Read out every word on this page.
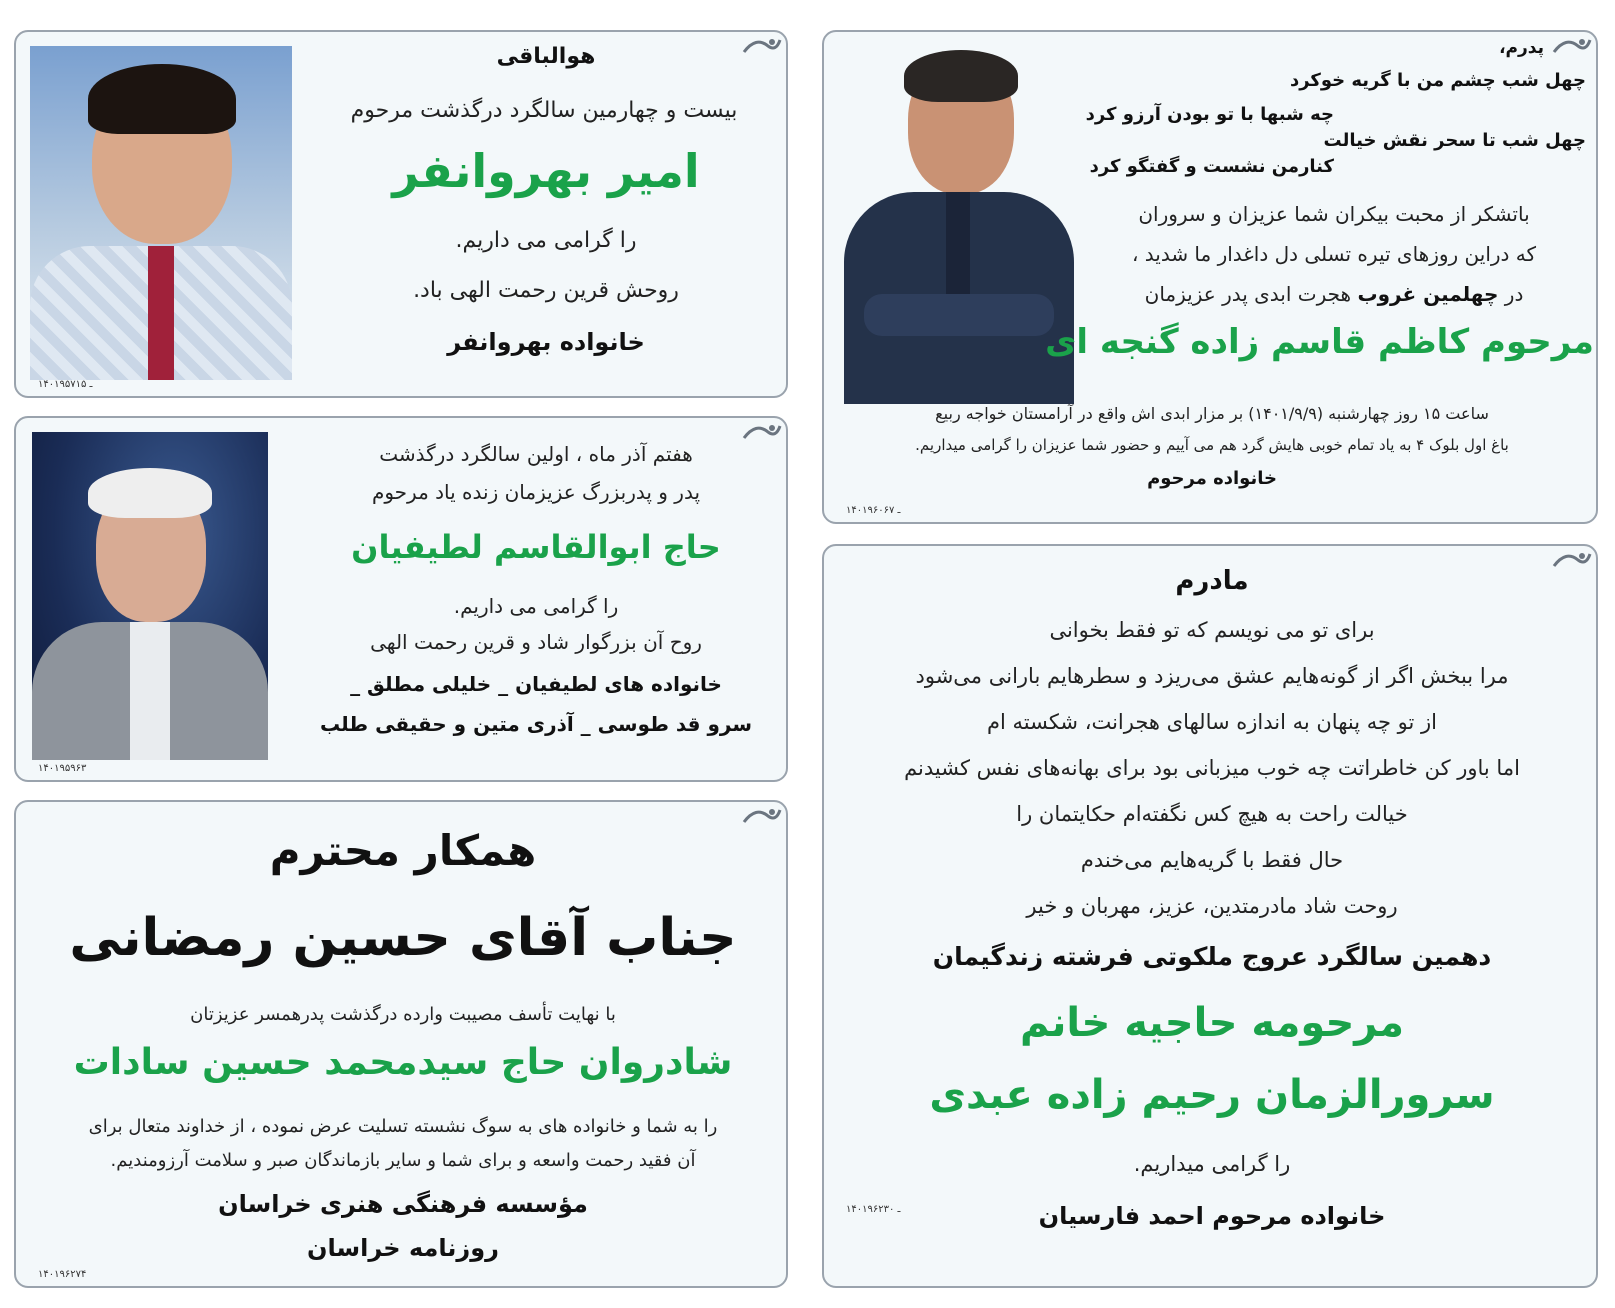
هوالباقی
بیست و چهارمین سالگرد درگذشت مرحوم
امیر بهروانفر
را گرامی می داریم.
روحش قرین رحمت الهی باد.
خانواده بهروانفر
۱۴۰۱۹۵۷۱۵ ـ
هفتم آذر ماه ، اولین سالگرد درگذشت
پدر و پدربزرگ عزیزمان زنده یاد مرحوم
حاج ابوالقاسم لطیفیان
را گرامی می داریم.
روح آن بزرگوار شاد و قرین رحمت الهی
خانواده های لطیفیان _ خلیلی مطلق _
سرو قد طوسی _ آذری متین و حقیقی طلب
۱۴۰۱۹۵۹۶۳
همکار محترم
جناب آقای حسین رمضانی
با نهایت تأسف مصیبت وارده درگذشت پدرهمسر عزیزتان
شادروان حاج سیدمحمد حسین سادات
را به شما و خانواده های به سوگ نشسته تسلیت عرض نموده ، از خداوند متعال برای
آن فقید رحمت واسعه و برای شما و سایر بازماندگان صبر و سلامت آرزومندیم.
مؤسسه فرهنگی هنری خراسان
روزنامه خراسان
۱۴۰۱۹۶۲۷۴
پدرم،
چهل شب چشم من با گریه خوکرد
چه شبها با تو بودن آرزو کرد
چهل شب تا سحر نقش خیالت
کنارمن نشست و گفتگو کرد
باتشکر از محبت بیکران شما عزیزان و سروران
که دراین روزهای تیره تسلی دل داغدار ما شدید ،
در چهلمین غروب هجرت ابدی پدر عزیزمان
مرحوم کاظم قاسم زاده گنجه ای
ساعت ۱۵ روز چهارشنبه (۱۴۰۱/۹/۹) بر مزار ابدی اش واقع در آرامستان خواجه ربیع
باغ اول بلوک ۴ به یاد تمام خوبی هایش گرد هم می آییم و حضور شما عزیزان را گرامی میداریم.
خانواده مرحوم
۱۴۰۱۹۶۰۶۷ ـ
مادرم
برای تو می نویسم که تو فقط بخوانی
مرا ببخش اگر از گونه‌هایم عشق می‌ریزد و سطرهایم بارانی می‌شود
از تو چه پنهان به اندازه سالهای هجرانت، شکسته ام
اما باور کن خاطراتت چه خوب میزبانی بود برای بهانه‌های نفس کشیدنم
خیالت راحت به هیچ کس نگفته‌ام حکایتمان را
حال فقط با گریه‌هایم می‌خندم
روحت شاد مادرمتدین، عزیز، مهربان و خیر
دهمین سالگرد عروج ملکوتی فرشته زندگیمان
مرحومه حاجیه خانم
سرورالزمان رحیم زاده عبدی
را گرامی میداریم.
خانواده مرحوم احمد فارسیان
۱۴۰۱۹۶۲۳۰ ـ
